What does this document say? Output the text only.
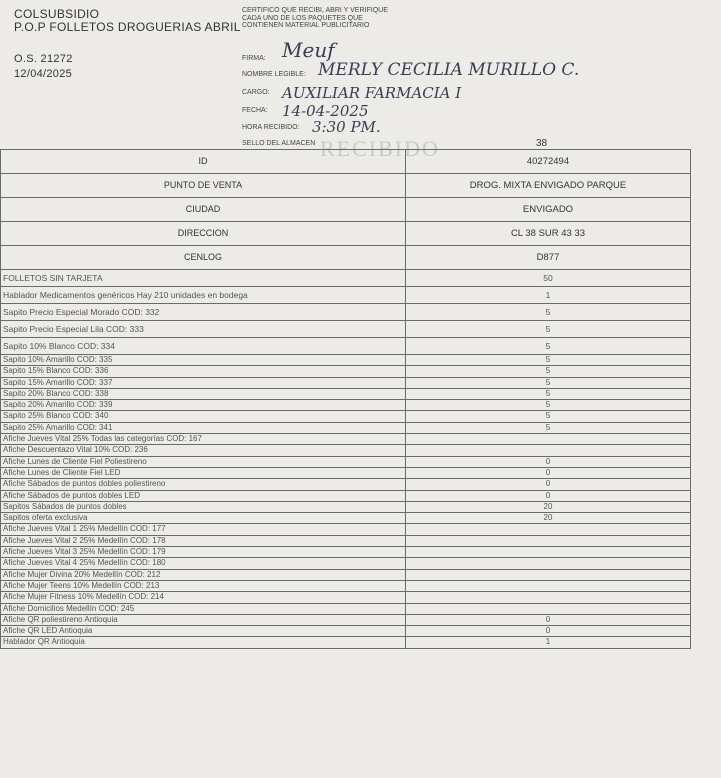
COLSUBSIDIO
P.O.P FOLLETOS DROGUERIAS ABRIL
O.S. 21272
12/04/2025
CERTIFICO QUE RECIBI, ABRI Y VERIFIQUE CADA UNO DE LOS PAQUETES QUE CONTIENEN MATERIAL PUBLICITARIO
FIRMA:
NOMBRE LEGIBLE:
CARGO:
FECHA:
HORA RECIBIDO:
SELLO DEL ALMACEN
Meuf
MERLY CECILIA MURILLO C.
AUXILIAR FARMACIA I
14-04-2025
3:30 PM.
RECIBIDO	38
ID	40272494
PUNTO DE VENTA	DROG. MIXTA ENVIGADO PARQUE
CIUDAD	ENVIGADO
DIRECCION	CL 38 SUR 43 33
CENLOG	D877
FOLLETOS SIN TARJETA	50
Hablador Medicamentos genéricos Hay 210 unidades en bodega	1
Sapito Precio Especial Morado COD: 332	5
Sapito Precio Especial Lila COD: 333	5
Sapito 10% Blanco COD: 334	5
Sapito 10% Amarillo COD: 335	5
Sapito 15% Blanco COD: 336	5
Sapito 15% Amarillo COD: 337	5
Sapito 20% Blanco COD: 338	5
Sapito 20% Amarillo COD: 339	5
Sapito 25% Blanco COD: 340	5
Sapito 25% Amarillo COD: 341	5
Afiche Jueves Vital 25% Todas las categorías COD: 167	
Afiche Descuentazo Vital 10% COD: 236	
Afiche Lunes de Cliente Fiel Poliestireno	0
Afiche Lunes de Cliente Fiel LED	0
Afiche Sábados de puntos dobles poliestireno	0
Afiche Sábados de puntos dobles LED	0
Sapitos Sábados de puntos dobles	20
Sapitos oferta exclusiva	20
Afiche Jueves Vital 1 25% Medellín COD: 177	
Afiche Jueves Vital 2 25% Medellín COD: 178	
Afiche Jueves Vital 3 25% Medellín COD: 179	
Afiche Jueves Vital 4 25% Medellín COD: 180	
Afiche Mujer Divina 20% Medellín COD: 212	
Afiche Mujer Teens 10% Medellín COD: 213	
Afiche Mujer Fitness 10% Medellín COD: 214	
Afiche Domicilios Medellín COD: 245	
Afiche QR poliestireno Antioquia	0
Afiche QR LED Antioquia	0
Hablador QR Antioquia	1
